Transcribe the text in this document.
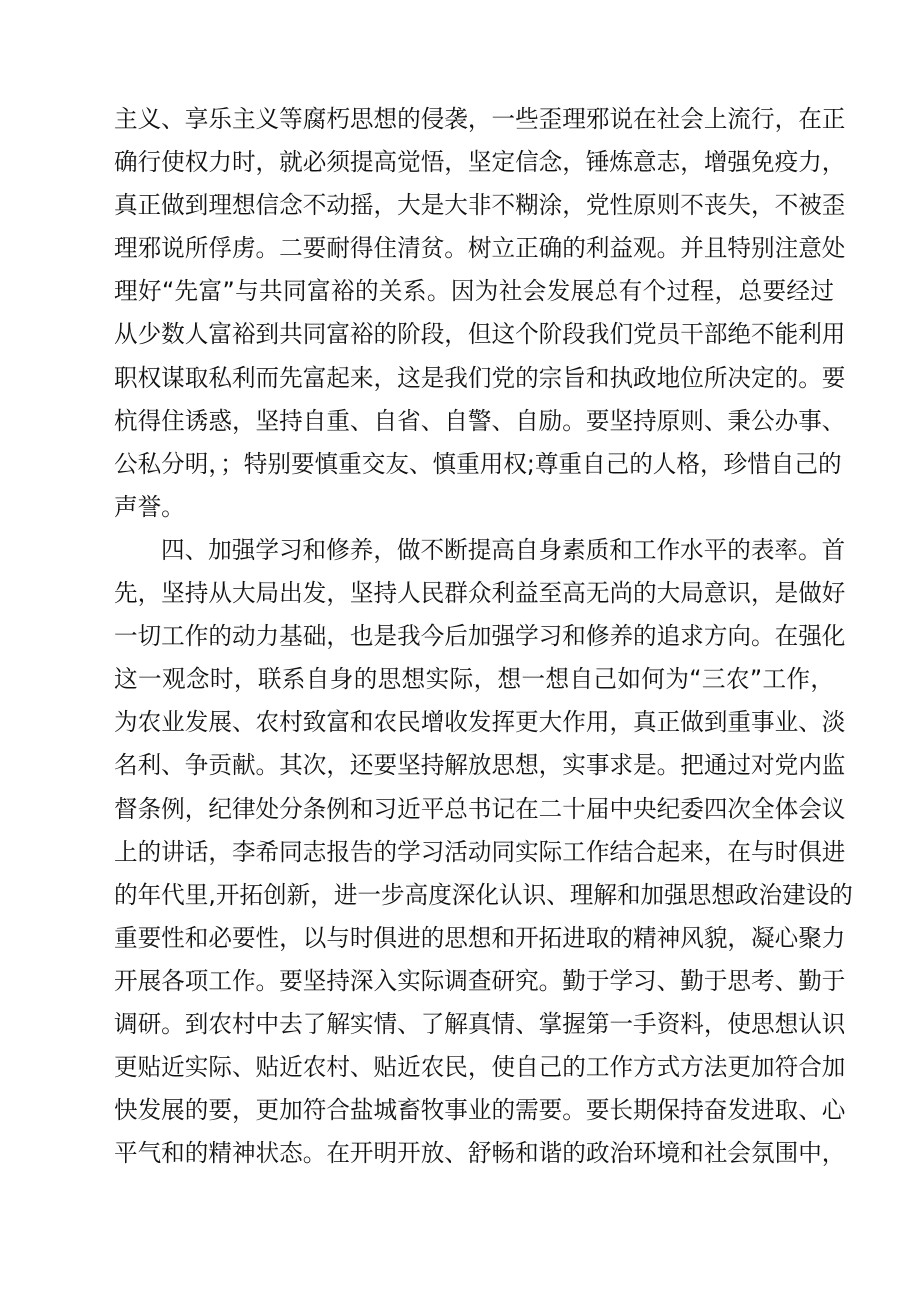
主义、享乐主义等腐朽思想的侵袭，一些歪理邪说在社会上流行，在正
确行使权力时，就必须提高觉悟，坚定信念，锤炼意志，增强免疫力，
真正做到理想信念不动摇，大是大非不糊涂，党性原则不丧失，不被歪
理邪说所俘虏。二要耐得住清贫。树立正确的利益观。并且特别注意处
理好“先富”与共同富裕的关系。因为社会发展总有个过程，总要经过
从少数人富裕到共同富裕的阶段，但这个阶段我们党员干部绝不能利用
职权谋取私利而先富起来，这是我们党的宗旨和执政地位所决定的。要
杭得住诱惑，坚持自重、自省、自警、自励。要坚持原则、秉公办事、
公私分明，；特别要慎重交友、慎重用权;尊重自己的人格，珍惜自己的
声誉。
四、加强学习和修养，做不断提高自身素质和工作水平的表率。首
先，坚持从大局出发，坚持人民群众利益至高无尚的大局意识，是做好
一切工作的动力基础，也是我今后加强学习和修养的追求方向。在强化
这一观念时，联系自身的思想实际，想一想自己如何为“三农”工作，
为农业发展、农村致富和农民增收发挥更大作用，真正做到重事业、淡
名利、争贡献。其次，还要坚持解放思想，实事求是。把通过对党内监
督条例，纪律处分条例和习近平总书记在二十届中央纪委四次全体会议
上的讲话，李希同志报告的学习活动同实际工作结合起来，在与时俱进
的年代里,开拓创新，进一步高度深化认识、理解和加强思想政治建设的
重要性和必要性，以与时俱进的思想和开拓进取的精神风貌，凝心聚力
开展各项工作。要坚持深入实际调查研究。勤于学习、勤于思考、勤于
调研。到农村中去了解实情、了解真情、掌握第一手资料，使思想认识
更贴近实际、贴近农村、贴近农民，使自己的工作方式方法更加符合加
快发展的要，更加符合盐城畜牧事业的需要。要长期保持奋发进取、心
平气和的精神状态。在开明开放、舒畅和谐的政治环境和社会氛围中，
